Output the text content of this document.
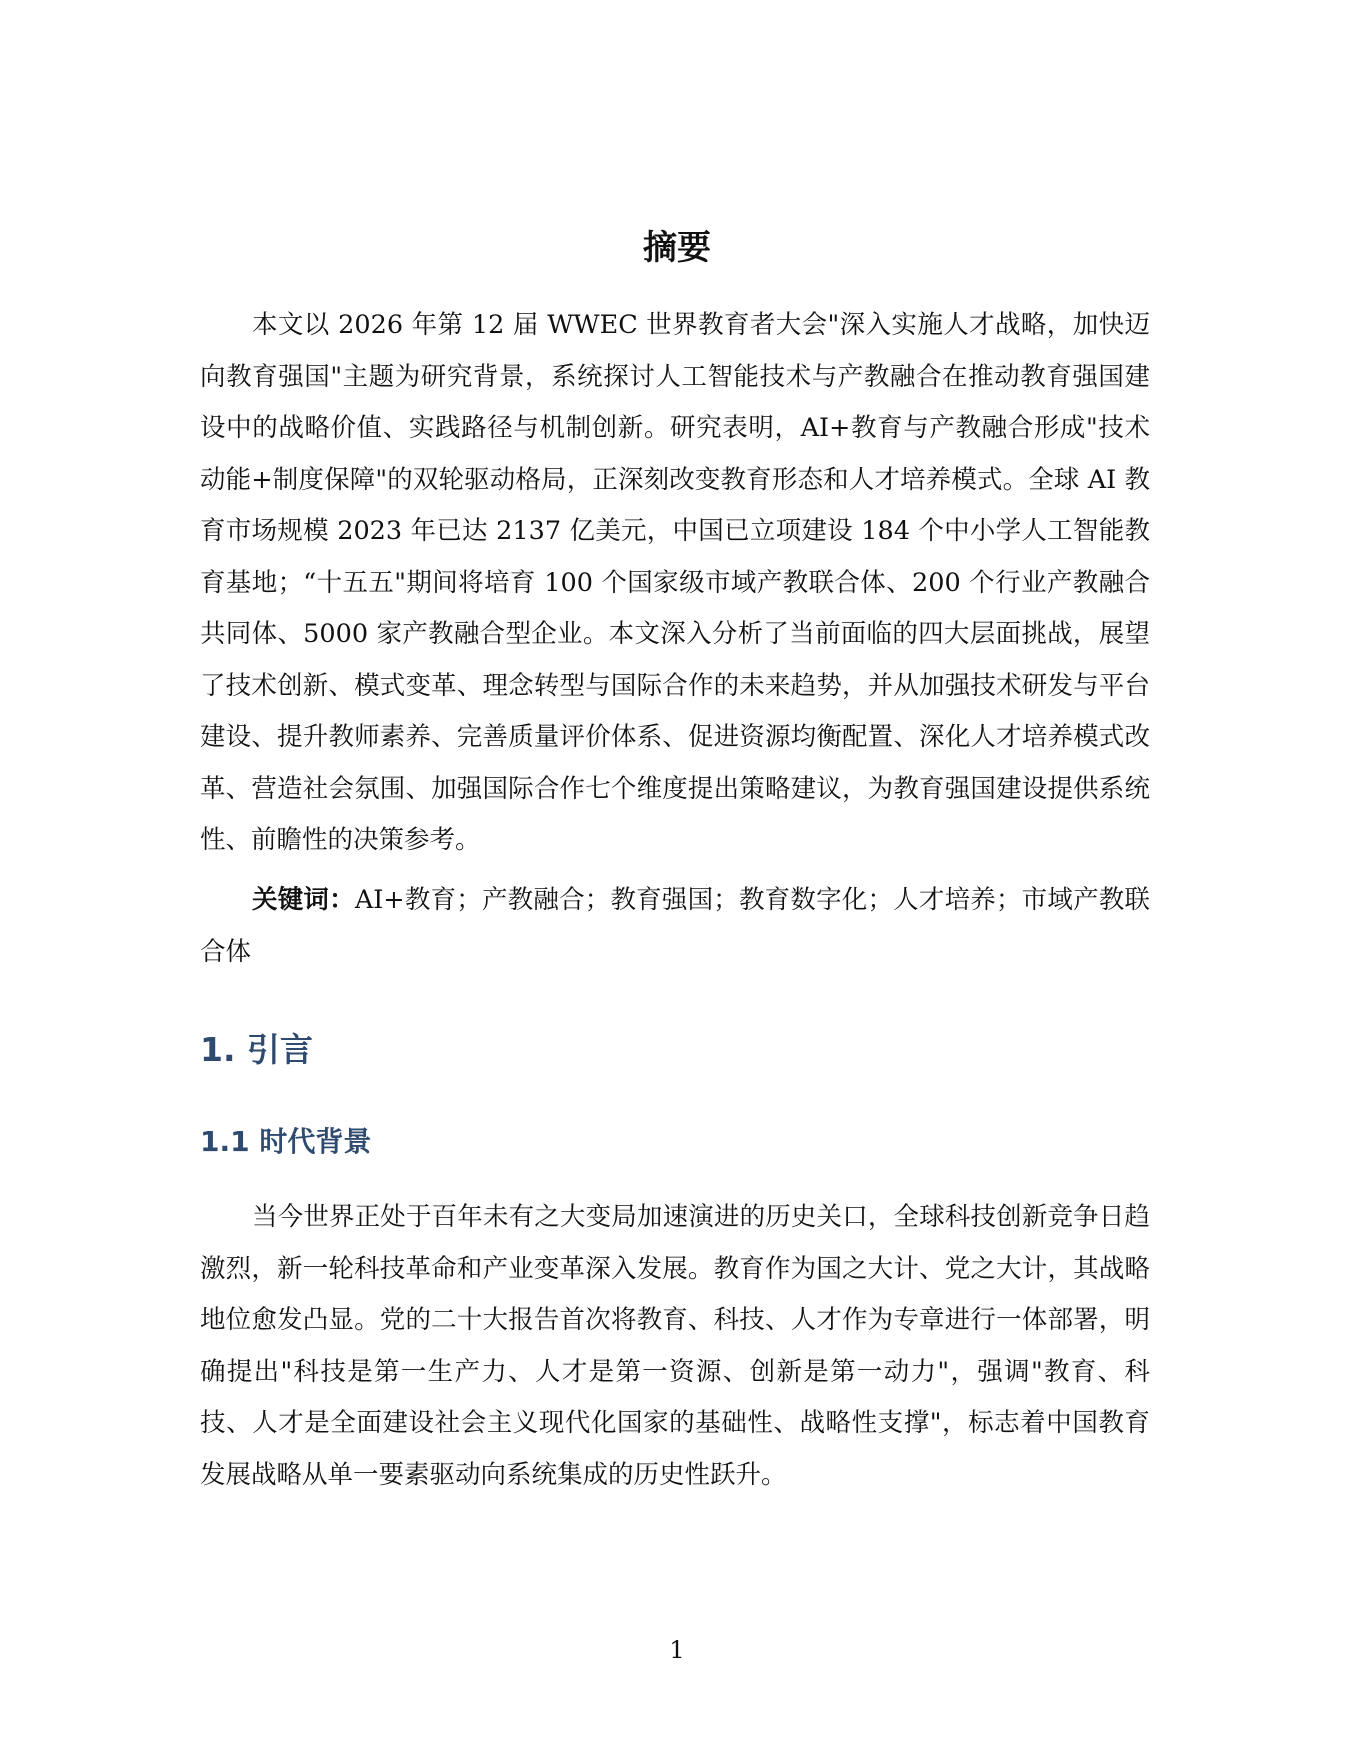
摘要

本文以 2026 年第 12 届 WWEC 世界教育者大会"深入实施人才战略，加快迈向教育强国"主题为研究背景，系统探讨人工智能技术与产教融合在推动教育强国建设中的战略价值、实践路径与机制创新。研究表明，AI+教育与产教融合形成"技术动能+制度保障"的双轮驱动格局，正深刻改变教育形态和人才培养模式。全球 AI 教育市场规模 2023 年已达 2137 亿美元，中国已立项建设 184 个中小学人工智能教育基地；“十五五"期间将培育 100 个国家级市域产教联合体、200 个行业产教融合共同体、5000 家产教融合型企业。本文深入分析了当前面临的四大层面挑战，展望了技术创新、模式变革、理念转型与国际合作的未来趋势，并从加强技术研发与平台建设、提升教师素养、完善质量评价体系、促进资源均衡配置、深化人才培养模式改革、营造社会氛围、加强国际合作七个维度提出策略建议，为教育强国建设提供系统性、前瞻性的决策参考。

关键词：AI+教育；产教融合；教育强国；教育数字化；人才培养；市域产教联合体

1. 引言
1.1 时代背景

当今世界正处于百年未有之大变局加速演进的历史关口，全球科技创新竞争日趋激烈，新一轮科技革命和产业变革深入发展。教育作为国之大计、党之大计，其战略地位愈发凸显。党的二十大报告首次将教育、科技、人才作为专章进行一体部署，明确提出"科技是第一生产力、人才是第一资源、创新是第一动力"，强调"教育、科技、人才是全面建设社会主义现代化国家的基础性、战略性支撑"，标志着中国教育发展战略从单一要素驱动向系统集成的历史性跃升。

1
